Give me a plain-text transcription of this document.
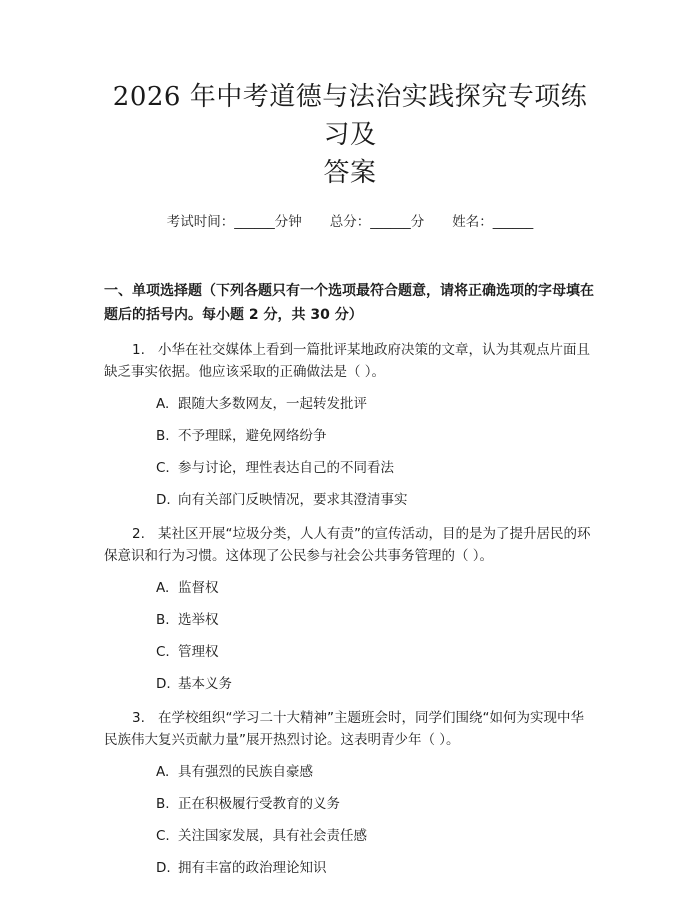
2026 年中考道德与法治实践探究专项练习及
答案
考试时间：______分钟 总分：______分 姓名：______
一、单项选择题（下列各题只有一个选项最符合题意，请将正确选项的字母填在题后的括号内。每小题 2 分，共 30 分）
1. 小华在社交媒体上看到一篇批评某地政府决策的文章，认为其观点片面且缺乏事实依据。他应该采取的正确做法是（ ）。
A. 跟随大多数网友，一起转发批评
B. 不予理睬，避免网络纷争
C. 参与讨论，理性表达自己的不同看法
D. 向有关部门反映情况，要求其澄清事实
2. 某社区开展“垃圾分类，人人有责”的宣传活动，目的是为了提升居民的环保意识和行为习惯。这体现了公民参与社会公共事务管理的（ ）。
A. 监督权
B. 选举权
C. 管理权
D. 基本义务
3. 在学校组织“学习二十大精神”主题班会时，同学们围绕“如何为实现中华民族伟大复兴贡献力量”展开热烈讨论。这表明青少年（ ）。
A. 具有强烈的民族自豪感
B. 正在积极履行受教育的义务
C. 关注国家发展，具有社会责任感
D. 拥有丰富的政治理论知识
